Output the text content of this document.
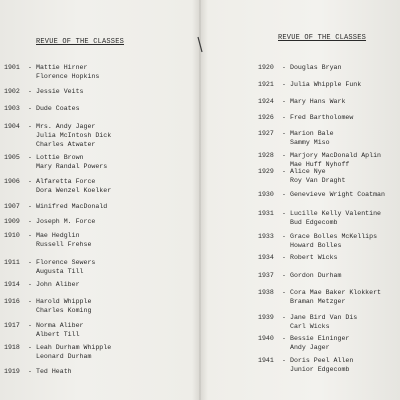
REVUE OF THE CLASSES
1901 - Mattie Hirner
Florence Hopkins
1902 - Jessie Veits
1903 - Dude Coates
1904 - Mrs. Andy Jager
Julia McIntosh Dick
Charles Atwater
1905 - Lottie Brown
Mary Randal Powers
1906 - Alfaretta Force
Dora Wenzel Koelker
1907 - Winifred MacDonald
1909 - Joseph M. Force
1910 - Mae Hedglin
Russell Frehse
1911 - Florence Sewers
Augusta Till
1914 - John Aliber
1916 - Harold Whipple
Charles Koming
1917 - Norma Aliber
Albert Till
1918 - Leah Durham Whipple
Leonard Durham
1919 - Ted Heath
REVUE OF THE CLASSES
1920 - Douglas Bryan
1921 - Julia Whipple Funk
1924 - Mary Hans Wark
1926 - Fred Bartholomew
1927 - Marion Bale
Sammy Miso
1928 - Marjory MacDonald Aplin
Mae Huff Nyhoff
1929 - Alice Nye
Roy Van Draght
1930 - Genevieve Wright Coatman
1931 - Lucille Kelly Valentine
Bud Edgecomb
1933 - Grace Bolles McKellips
Howard Bolles
1934 - Robert Wicks
1937 - Gordon Durham
1938 - Cora Mae Baker Klokkert
Braman Metzger
1939 - Jane Bird Van Dis
Carl Wicks
1940 - Bessie Eininger
Andy Jager
1941 - Doris Peel Allen
Junior Edgecomb
